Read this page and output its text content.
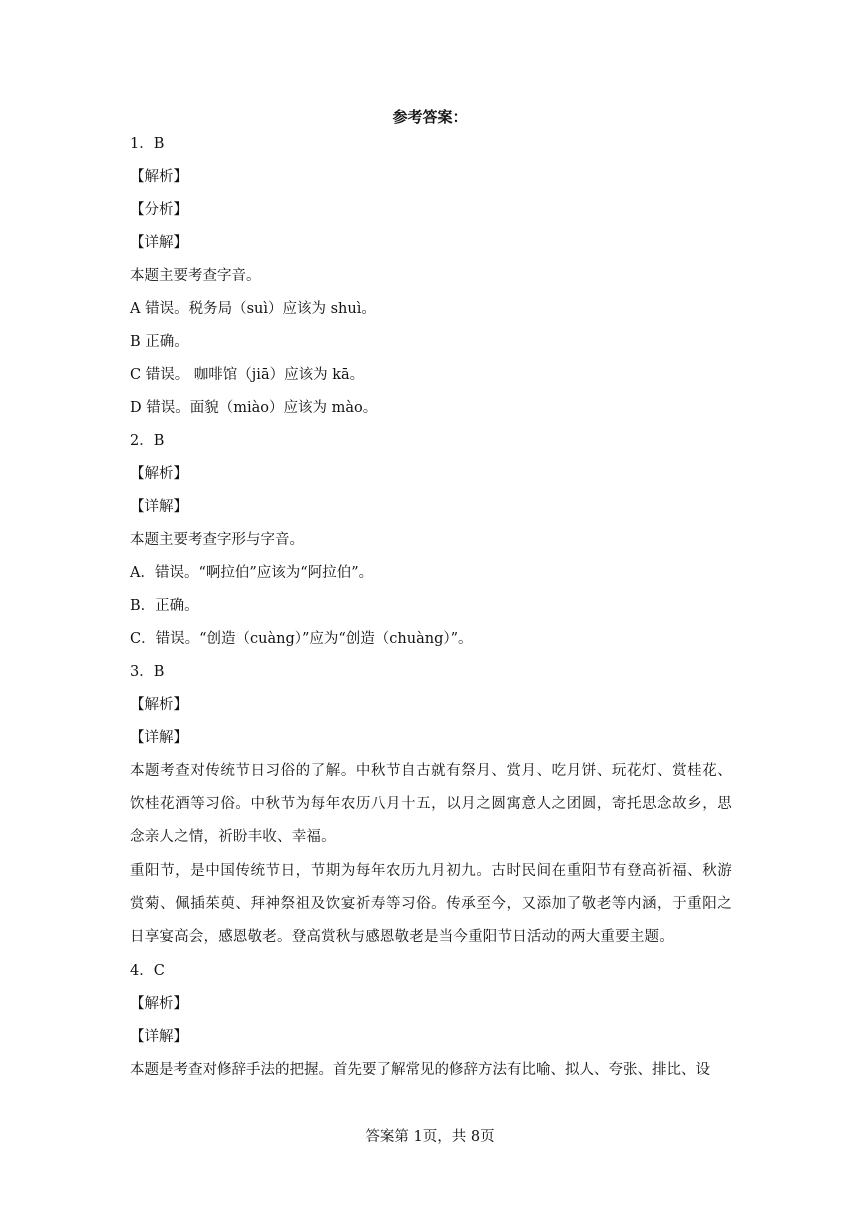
参考答案：
1．B
【解析】
【分析】
【详解】
本题主要考查字音。
A 错误。税务局（suì）应该为 shuì。
B 正确。
C 错误。 咖啡馆（jiā）应该为 kā。
D 错误。面貌（miào）应该为 mào。
2．B
【解析】
【详解】
本题主要考查字形与字音。
A．错误。“啊拉伯”应该为“阿拉伯”。
B．正确。
C．错误。“创造（cuàng）”应为“创造（chuàng）”。
3．B
【解析】
【详解】
本题考查对传统节日习俗的了解。中秋节自古就有祭月、赏月、吃月饼、玩花灯、赏桂花、饮桂花酒等习俗。中秋节为每年农历八月十五，以月之圆寓意人之团圆，寄托思念故乡，思念亲人之情，祈盼丰收、幸福。
重阳节，是中国传统节日，节期为每年农历九月初九。古时民间在重阳节有登高祈福、秋游赏菊、佩插茱萸、拜神祭祖及饮宴祈寿等习俗。传承至今，又添加了敬老等内涵，于重阳之日享宴高会，感恩敬老。登高赏秋与感恩敬老是当今重阳节日活动的两大重要主题。
4．C
【解析】
【详解】
本题是考查对修辞手法的把握。首先要了解常见的修辞方法有比喻、拟人、夸张、排比、设
答案第 1页，共 8页
